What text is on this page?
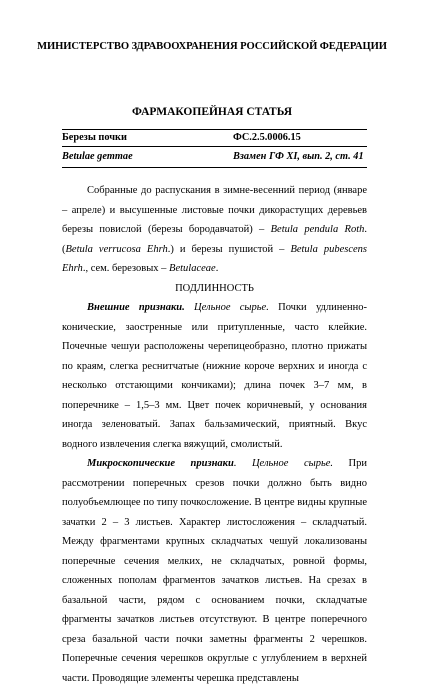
МИНИСТЕРСТВО ЗДРАВООХРАНЕНИЯ РОССИЙСКОЙ ФЕДЕРАЦИИ
ФАРМАКОПЕЙНАЯ СТАТЬЯ
Березы почки	ФС.2.5.0006.15
Betulae gemmae	Взамен ГФ XI, вып. 2, ст. 41

Собранные до распускания в зимне-весенний период (январе – апреле) и высушенные листовые почки дикорастущих деревьев березы повислой (березы бородавчатой) – Betula pendula Roth. (Betula verrucosa Ehrh.) и березы пушистой – Betula pubescens Ehrh., сем. березовых – Betulaceae.

ПОДЛИННОСТЬ

Внешние признаки. Цельное сырье. Почки удлиненно-конические, заостренные или притупленные, часто клейкие. Почечные чешуи расположены черепицеобразно, плотно прижаты по краям, слегка реснитчатые (нижние короче верхних и иногда с несколько отстающими кончиками); длина почек 3–7 мм, в поперечнике – 1,5–3 мм. Цвет почек коричневый, у основания иногда зеленоватый. Запах бальзамический, приятный. Вкус водного извлечения слегка вяжущий, смолистый.

Микроскопические признаки. Цельное сырье. При рассмотрении поперечных срезов почки должно быть видно полуобъемлющее по типу почкосложение. В центре видны крупные зачатки 2 – 3 листьев. Характер листосложения – складчатый. Между фрагментами крупных складчатых чешуй локализованы поперечные сечения мелких, не складчатых, ровной формы, сложенных пополам фрагментов зачатков листьев. На срезах в базальной части, рядом с основанием почки, складчатые фрагменты зачатков листьев отсутствуют. В центре поперечного среза базальной части почки заметны фрагменты 2 черешков. Поперечные сечения черешков округлые с углублением в верхней части. Проводящие элементы черешка представлены
